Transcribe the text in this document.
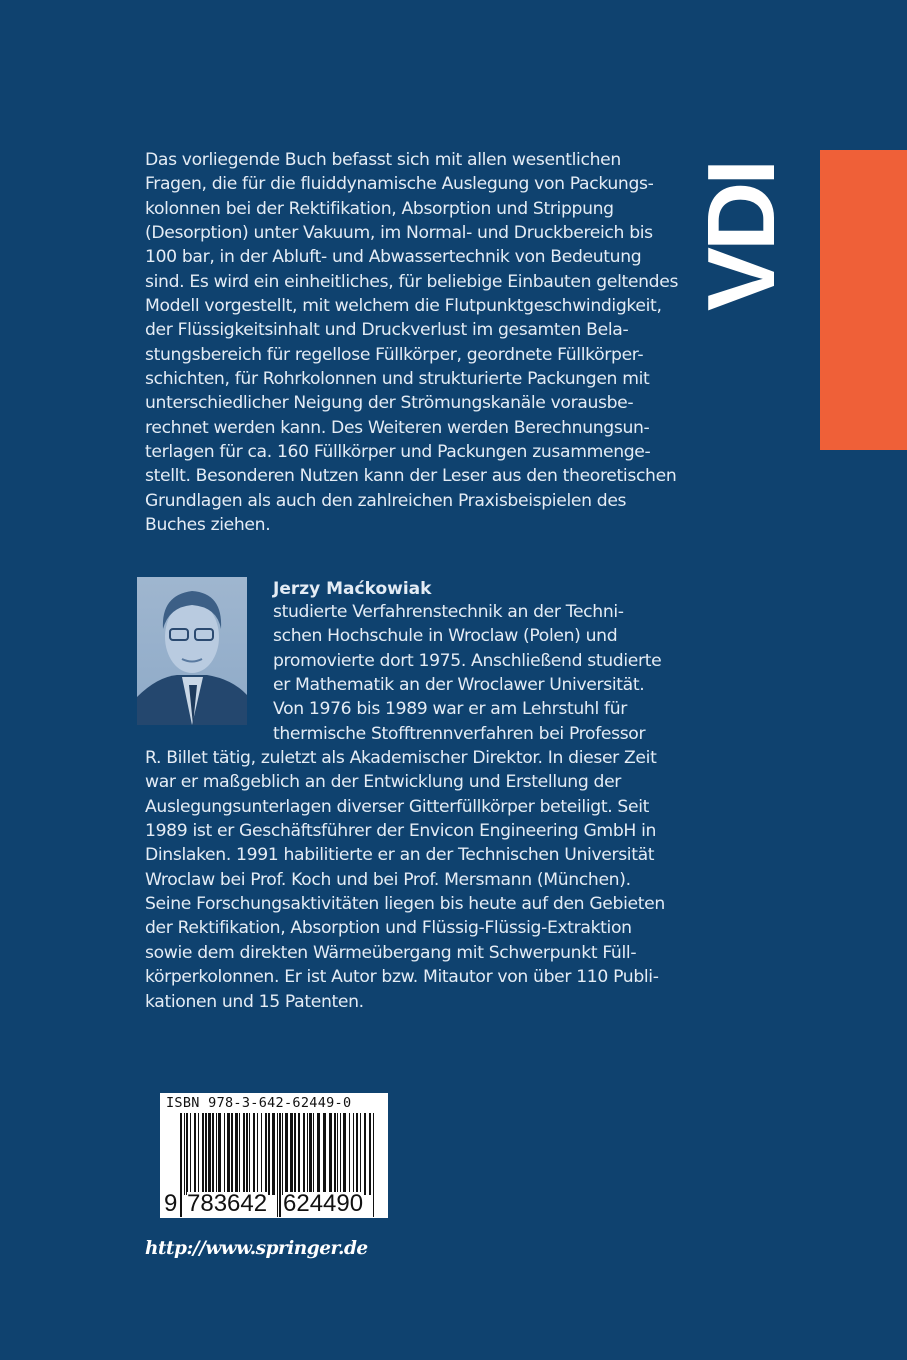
VDI
Das vorliegende Buch befasst sich mit allen wesentlichen
Fragen, die für die fluiddynamische Auslegung von Packungs-
kolonnen bei der Rektifikation, Absorption und Strippung
(Desorption) unter Vakuum, im Normal- und Druckbereich bis
100 bar, in der Abluft- und Abwassertechnik von Bedeutung
sind. Es wird ein einheitliches, für beliebige Einbauten geltendes
Modell vorgestellt, mit welchem die Flutpunktgeschwindigkeit,
der Flüssigkeitsinhalt und Druckverlust im gesamten Bela-
stungsbereich für regellose Füllkörper, geordnete Füllkörper-
schichten, für Rohrkolonnen und strukturierte Packungen mit
unterschiedlicher Neigung der Strömungskanäle vorausbe-
rechnet werden kann. Des Weiteren werden Berechnungsun-
terlagen für ca. 160 Füllkörper und Packungen zusammenge-
stellt. Besonderen Nutzen kann der Leser aus den theoretischen
Grundlagen als auch den zahlreichen Praxisbeispielen des
Buches ziehen.
Jerzy Maćkowiak
studierte Verfahrenstechnik an der Techni-
schen Hochschule in Wroclaw (Polen) und
promovierte dort 1975. Anschließend studierte
er Mathematik an der Wroclawer Universität.
Von 1976 bis 1989 war er am Lehrstuhl für
thermische Stofftrennverfahren bei Professor
R. Billet tätig, zuletzt als Akademischer Direktor. In dieser Zeit
war er maßgeblich an der Entwicklung und Erstellung der
Auslegungsunterlagen diverser Gitterfüllkörper beteiligt. Seit
1989 ist er Geschäftsführer der Envicon Engineering GmbH in
Dinslaken. 1991 habilitierte er an der Technischen Universität
Wroclaw bei Prof. Koch und bei Prof. Mersmann (München).
Seine Forschungsaktivitäten liegen bis heute auf den Gebieten
der Rektifikation, Absorption und Flüssig-Flüssig-Extraktion
sowie dem direkten Wärmeübergang mit Schwerpunkt Füll-
körperkolonnen. Er ist Autor bzw. Mitautor von über 110 Publi-
kationen und 15 Patenten.
ISBN 978-3-642-62449-0
9 783642 624490
http://www.springer.de
